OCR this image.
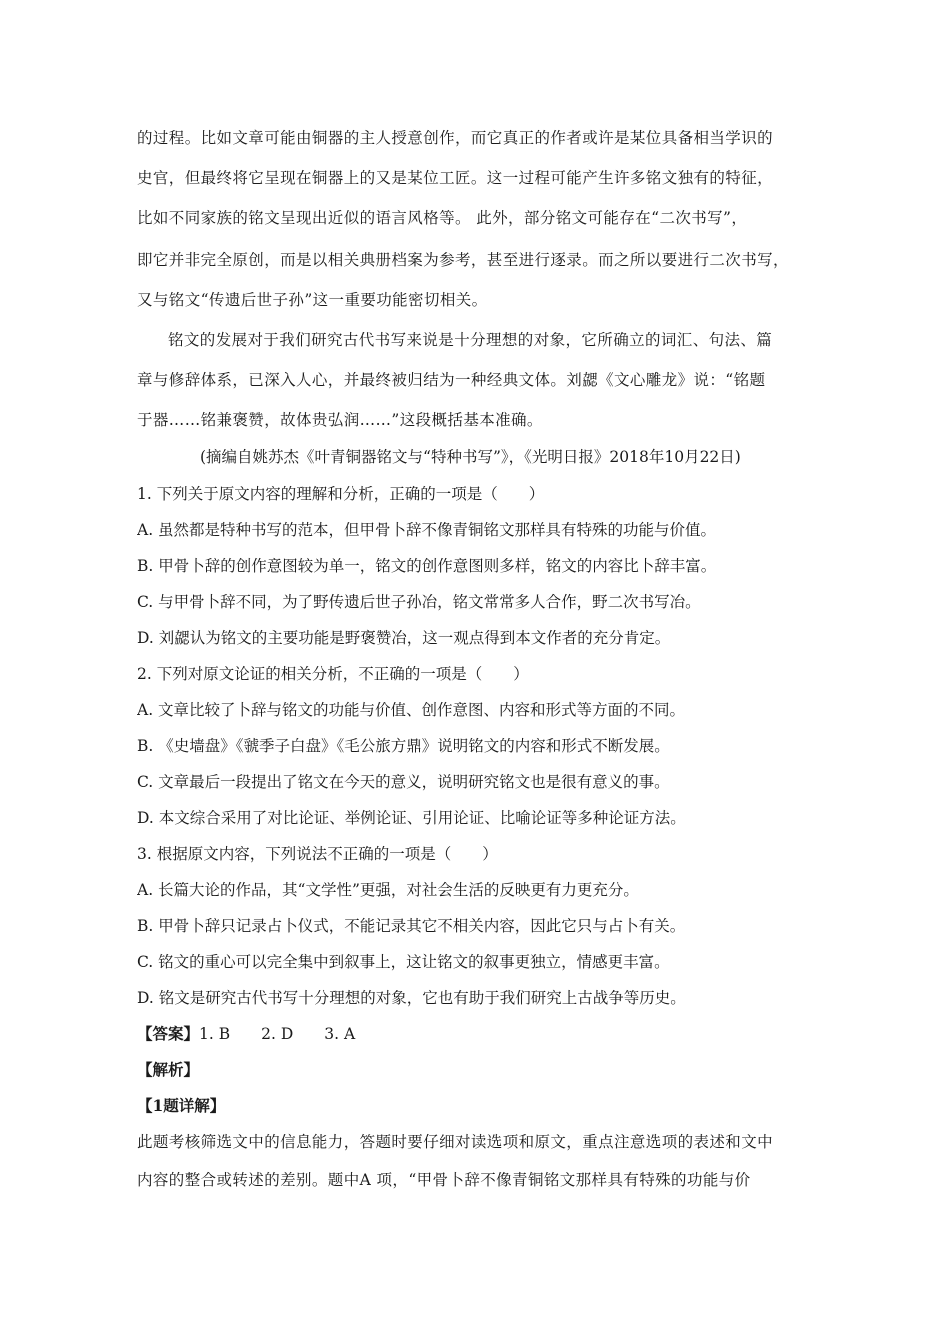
的过程。比如文章可能由铜器的主人授意创作，而它真正的作者或许是某位具备相当学识的
史官，但最终将它呈现在铜器上的又是某位工匠。这一过程可能产生许多铭文独有的特征，
比如不同家族的铭文呈现出近似的语言风格等。 此外，部分铭文可能存在“二次书写”，
即它并非完全原创，而是以相关典册档案为参考，甚至进行逐录。而之所以要进行二次书写，
又与铭文“传遗后世子孙”这一重要功能密切相关。
铭文的发展对于我们研究古代书写来说是十分理想的对象，它所确立的词汇、句法、篇
章与修辞体系，已深入人心，并最终被归结为一种经典文体。刘勰《文心雕龙》说：“铭题
于器……铭兼褒赞，故体贵弘润……”这段概括基本准确。
(摘编自姚苏杰《叶青铜器铭文与“特种书写”》，《光明日报》2018年10月22日)
1. 下列关于原文内容的理解和分析，正确的一项是（　　）
A. 虽然都是特种书写的范本，但甲骨卜辞不像青铜铭文那样具有特殊的功能与价值。
B. 甲骨卜辞的创作意图较为单一，铭文的创作意图则多样，铭文的内容比卜辞丰富。
C. 与甲骨卜辞不同，为了野传遗后世子孙冶，铭文常常多人合作，野二次书写冶。
D. 刘勰认为铭文的主要功能是野褒赞冶，这一观点得到本文作者的充分肯定。
2. 下列对原文论证的相关分析，不正确的一项是（　　）
A. 文章比较了卜辞与铭文的功能与价值、创作意图、内容和形式等方面的不同。
B. 《史墙盘》《虢季子白盘》《毛公旅方鼎》说明铭文的内容和形式不断发展。
C. 文章最后一段提出了铭文在今天的意义，说明研究铭文也是很有意义的事。
D. 本文综合采用了对比论证、举例论证、引用论证、比喻论证等多种论证方法。
3. 根据原文内容，下列说法不正确的一项是（　　）
A. 长篇大论的作品，其“文学性”更强，对社会生活的反映更有力更充分。
B. 甲骨卜辞只记录占卜仪式，不能记录其它不相关内容，因此它只与占卜有关。
C. 铭文的重心可以完全集中到叙事上，这让铭文的叙事更独立，情感更丰富。
D. 铭文是研究古代书写十分理想的对象，它也有助于我们研究上古战争等历史。
【答案】1. B　　2. D　　3. A
【解析】
【1题详解】
此题考核筛选文中的信息能力，答题时要仔细对读选项和原文，重点注意选项的表述和文中
内容的整合或转述的差别。题中A 项，“甲骨卜辞不像青铜铭文那样具有特殊的功能与价
